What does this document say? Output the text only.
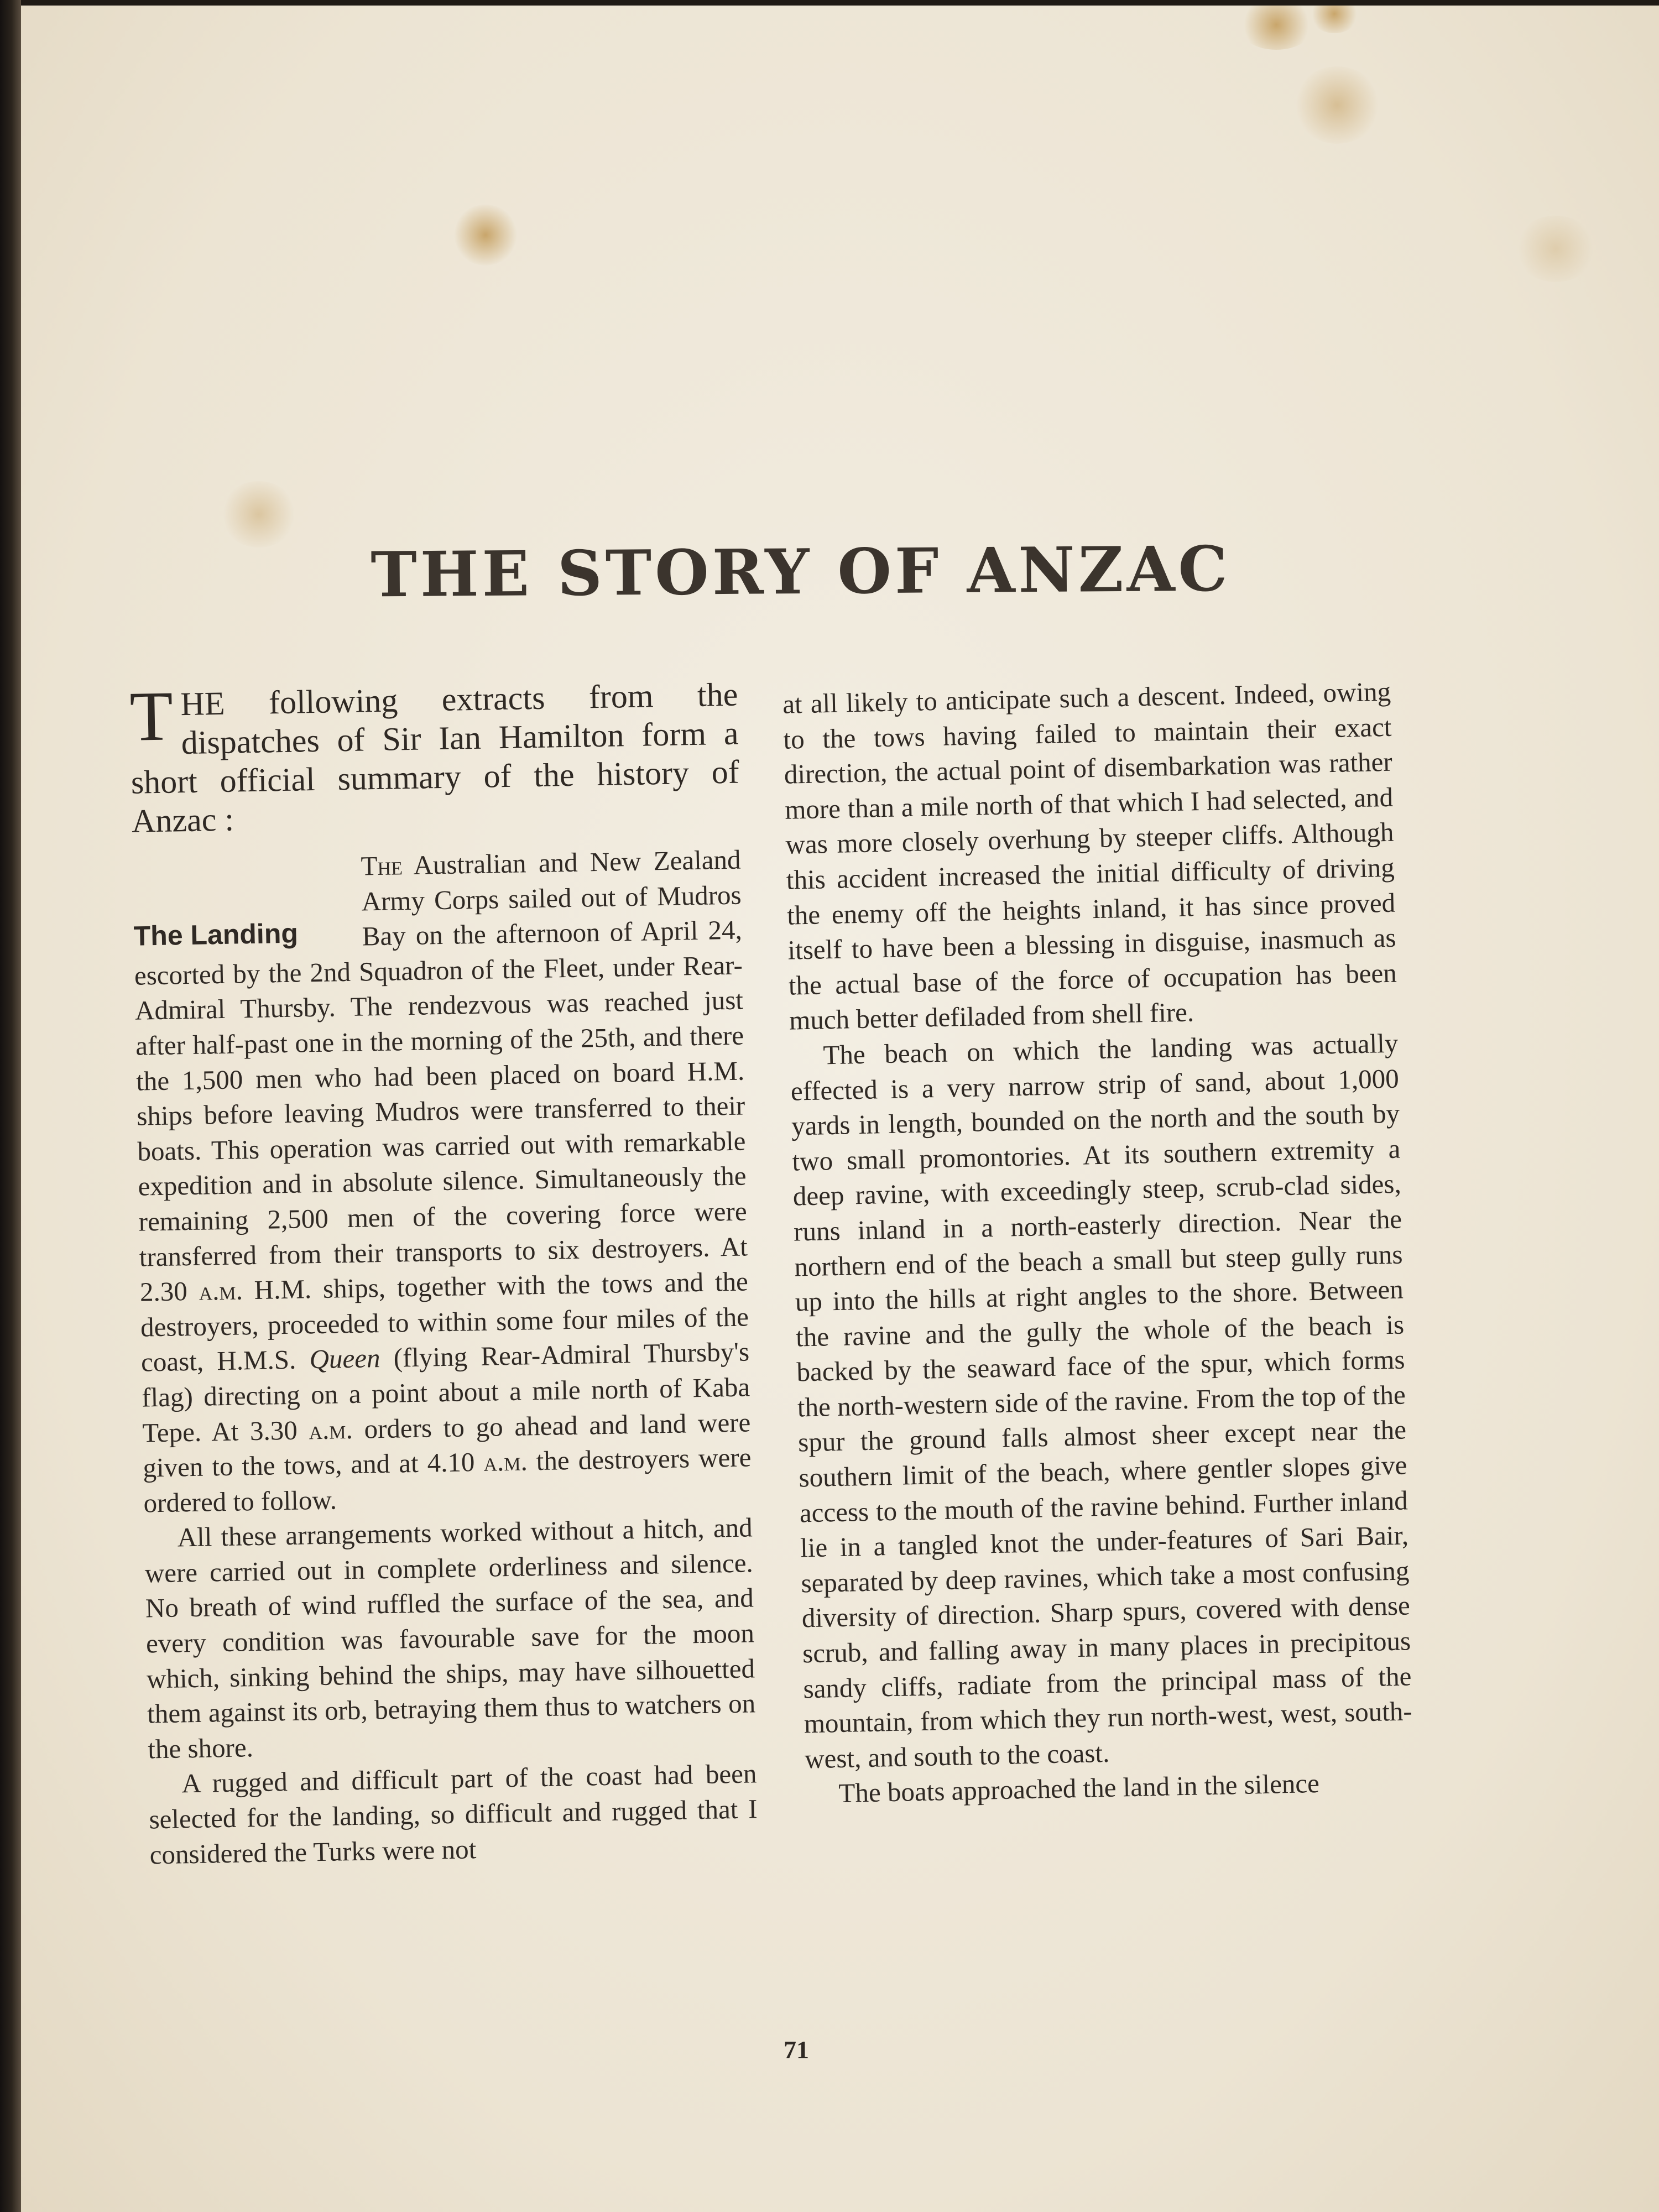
THE STORY OF ANZAC

THE following extracts from the dispatches of Sir Ian Hamilton form a short official summary of the history of Anzac :

The Landing
The Australian and New Zealand Army Corps sailed out of Mudros Bay on the afternoon of April 24, escorted by the 2nd Squadron of the Fleet, under Rear-Admiral Thursby. The rendezvous was reached just after half-past one in the morning of the 25th, and there the 1,500 men who had been placed on board H.M. ships before leaving Mudros were transferred to their boats. This operation was carried out with remarkable expedition and in absolute silence. Simultaneously the remaining 2,500 men of the covering force were transferred from their transports to six destroyers. At 2.30 a.m. H.M. ships, together with the tows and the destroyers, proceeded to within some four miles of the coast, H.M.S. Queen (flying Rear-Admiral Thursby's flag) directing on a point about a mile north of Kaba Tepe. At 3.30 a.m. orders to go ahead and land were given to the tows, and at 4.10 a.m. the destroyers were ordered to follow.

All these arrangements worked without a hitch, and were carried out in complete orderliness and silence. No breath of wind ruffled the surface of the sea, and every condition was favourable save for the moon which, sinking behind the ships, may have silhouetted them against its orb, betraying them thus to watchers on the shore.

A rugged and difficult part of the coast had been selected for the landing, so difficult and rugged that I considered the Turks were not

at all likely to anticipate such a descent. Indeed, owing to the tows having failed to maintain their exact direction, the actual point of disembarkation was rather more than a mile north of that which I had selected, and was more closely overhung by steeper cliffs. Although this accident increased the initial difficulty of driving the enemy off the heights inland, it has since proved itself to have been a blessing in disguise, inasmuch as the actual base of the force of occupation has been much better defiladed from shell fire.

The beach on which the landing was actually effected is a very narrow strip of sand, about 1,000 yards in length, bounded on the north and the south by two small promontories. At its southern extremity a deep ravine, with exceedingly steep, scrub-clad sides, runs inland in a north-easterly direction. Near the northern end of the beach a small but steep gully runs up into the hills at right angles to the shore. Between the ravine and the gully the whole of the beach is backed by the seaward face of the spur, which forms the north-western side of the ravine. From the top of the spur the ground falls almost sheer except near the southern limit of the beach, where gentler slopes give access to the mouth of the ravine behind. Further inland lie in a tangled knot the under-features of Sari Bair, separated by deep ravines, which take a most confusing diversity of direction. Sharp spurs, covered with dense scrub, and falling away in many places in precipitous sandy cliffs, radiate from the principal mass of the mountain, from which they run north-west, west, south-west, and south to the coast.

The boats approached the land in the silence

71
